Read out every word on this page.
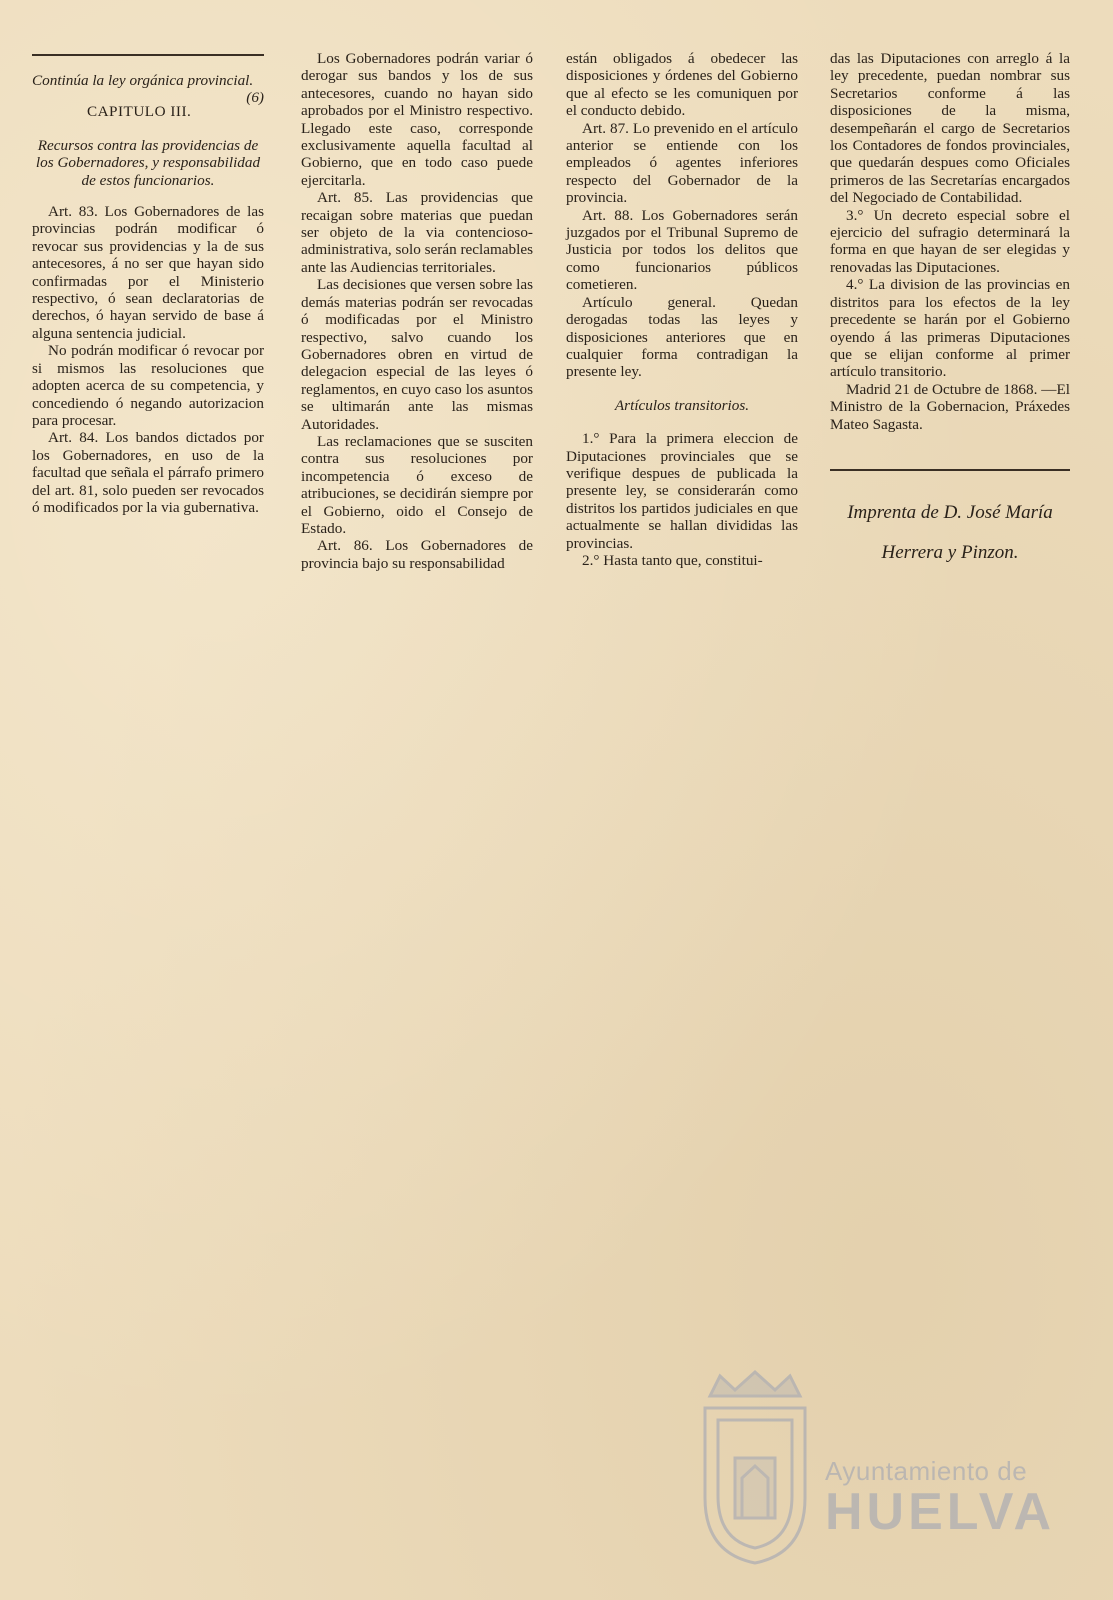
Continúa la ley orgánica provincial.
(6)

CAPITULO III.

Recursos contra las providencias de los Gobernadores, y responsabilidad de estos funcionarios.

Art. 83. Los Gobernadores de las provincias podrán modificar ó revocar sus providencias y la de sus antecesores, á no ser que hayan sido confirmadas por el Ministerio respectivo, ó sean declaratorias de derechos, ó hayan servido de base á alguna sentencia judicial.

No podrán modificar ó revocar por si mismos las resoluciones que adopten acerca de su competencia, y concediendo ó negando autorizacion para procesar.

Art. 84. Los bandos dictados por los Gobernadores, en uso de la facultad que señala el párrafo primero del art. 81, solo pueden ser revocados ó modificados por la via gubernativa.

Los Gobernadores podrán variar ó derogar sus bandos y los de sus antecesores, cuando no hayan sido aprobados por el Ministro respectivo. Llegado este caso, corresponde exclusivamente aquella facultad al Gobierno, que en todo caso puede ejercitarla.

Art. 85. Las providencias que recaigan sobre materias que puedan ser objeto de la via contencioso-administrativa, solo serán reclamables ante las Audiencias territoriales.

Las decisiones que versen sobre las demás materias podrán ser revocadas ó modificadas por el Ministro respectivo, salvo cuando los Gobernadores obren en virtud de delegacion especial de las leyes ó reglamentos, en cuyo caso los asuntos se ultimarán ante las mismas Autoridades.

Las reclamaciones que se susciten contra sus resoluciones por incompetencia ó exceso de atribuciones, se decidirán siempre por el Gobierno, oido el Consejo de Estado.

Art. 86. Los Gobernadores de provincia bajo su responsabilidad

están obligados á obedecer las disposiciones y órdenes del Gobierno que al efecto se les comuniquen por el conducto debido.

Art. 87. Lo prevenido en el artículo anterior se entiende con los empleados ó agentes inferiores respecto del Gobernador de la provincia.

Art. 88. Los Gobernadores serán juzgados por el Tribunal Supremo de Justicia por todos los delitos que como funcionarios públicos cometieren.

Artículo general. Quedan derogadas todas las leyes y disposiciones anteriores que en cualquier forma contradigan la presente ley.

Artículos transitorios.

1.° Para la primera eleccion de Diputaciones provinciales que se verifique despues de publicada la presente ley, se considerarán como distritos los partidos judiciales en que actualmente se hallan divididas las provincias.

2.° Hasta tanto que, constitui-

das las Diputaciones con arreglo á la ley precedente, puedan nombrar sus Secretarios conforme á las disposiciones de la misma, desempeñarán el cargo de Secretarios los Contadores de fondos provinciales, que quedarán despues como Oficiales primeros de las Secretarías encargados del Negociado de Contabilidad.

3.° Un decreto especial sobre el ejercicio del sufragio determinará la forma en que hayan de ser elegidas y renovadas las Diputaciones.

4.° La division de las provincias en distritos para los efectos de la ley precedente se harán por el Gobierno oyendo á las primeras Diputaciones que se elijan conforme al primer artículo transitorio.

Madrid 21 de Octubre de 1868. —El Ministro de la Gobernacion, Práxedes Mateo Sagasta.

Imprenta de D. José María

Herrera y Pinzon.

Ayuntamiento de
HUELVA
